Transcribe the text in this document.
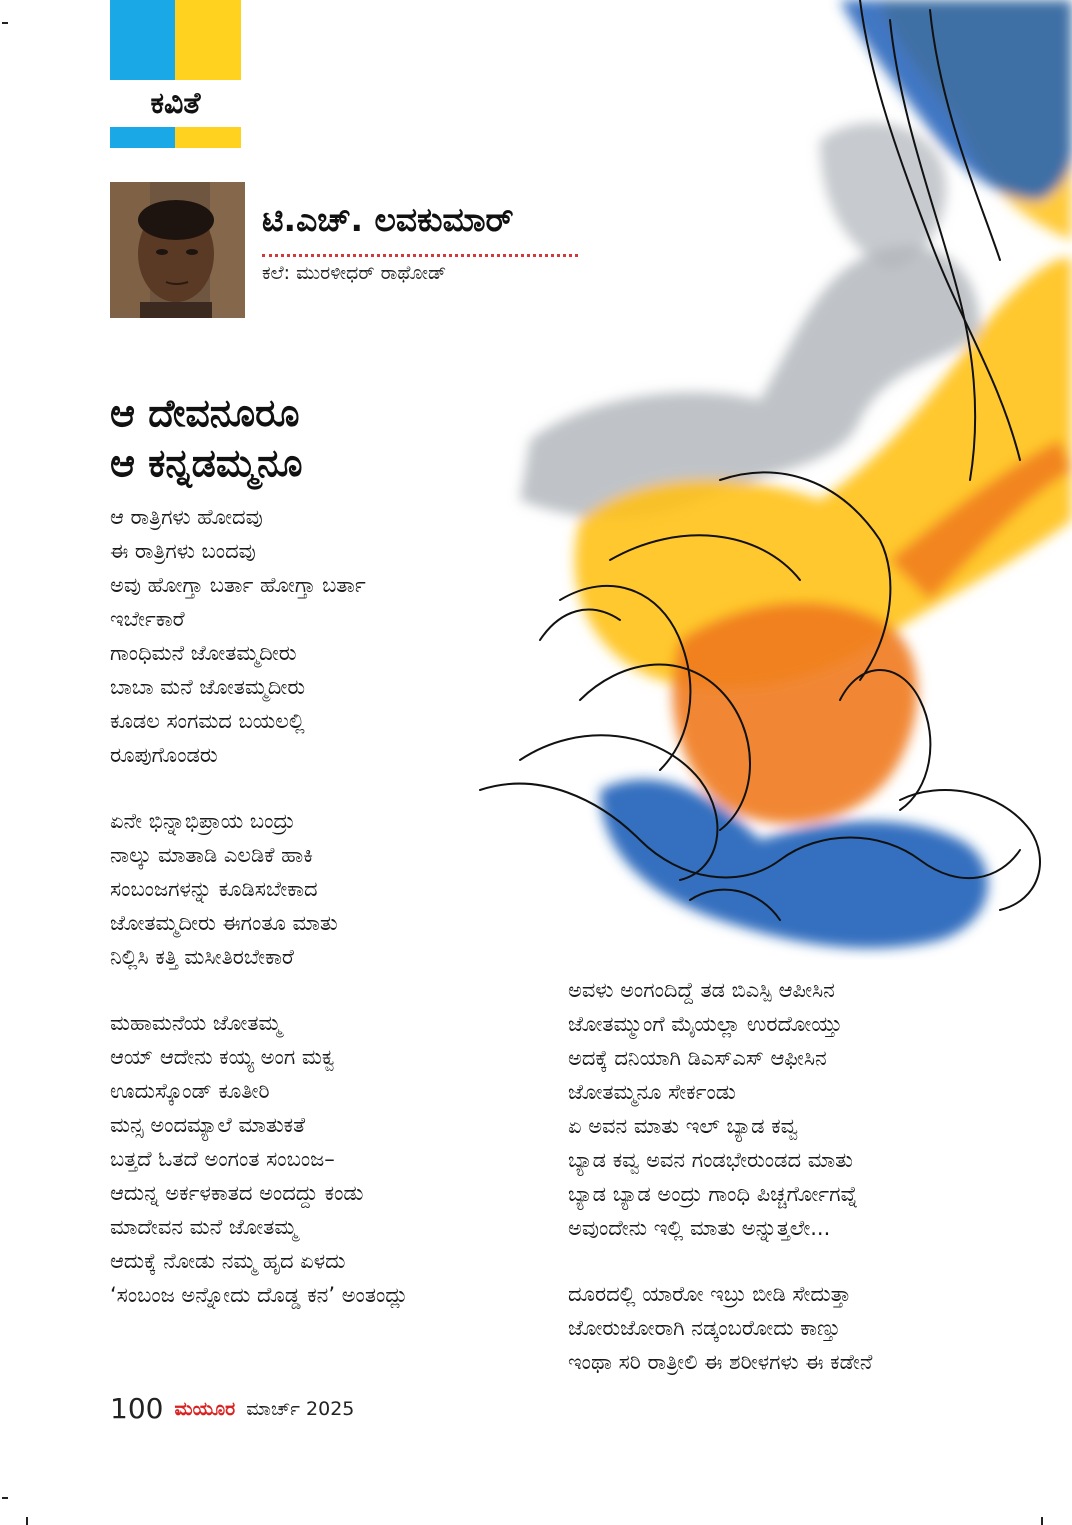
ಕವಿತೆ
ಟಿ.ಎಚ್. ಲವಕುಮಾರ್
ಕಲೆ: ಮುರಳೀಧರ್ ರಾಥೋಡ್
ಆ ದೇವನೂರೂ
ಆ ಕನ್ನಡಮ್ಮನೂ
ಆ ರಾತ್ರಿಗಳು ಹೋದವು
ಈ ರಾತ್ರಿಗಳು ಬಂದವು
ಅವು ಹೋಗ್ತಾ ಬರ್ತಾ ಹೋಗ್ತಾ ಬರ್ತಾ
ಇರ್ಬೇಕಾರೆ
ಗಾಂಧಿಮನೆ ಜೋತಮ್ಮದೀರು
ಬಾಬಾ ಮನೆ ಜೋತಮ್ಮದೀರು
ಕೂಡಲ ಸಂಗಮದ ಬಯಲಲ್ಲಿ
ರೂಪುಗೊಂಡರು
ಏನೇ ಭಿನ್ನಾಭಿಪ್ರಾಯ ಬಂದ್ರು
ನಾಲ್ಕು ಮಾತಾಡಿ ಎಲಡಿಕೆ ಹಾಕಿ
ಸಂಬಂಜಗಳನ್ನು ಕೂಡಿಸಬೇಕಾದ
ಜೋತಮ್ಮದೀರು ಈಗಂತೂ ಮಾತು
ನಿಲ್ಲಿಸಿ ಕತ್ತಿ ಮಸೀತಿರಬೇಕಾರೆ
ಮಹಾಮನೆಯ ಜೋತಮ್ಮ
ಆಯ್ ಆದೇನು ಕಯ್ಯ ಅಂಗ ಮಕ್ವ
ಊದುಸ್ಕೊಂಡ್ ಕೂತೀರಿ
ಮನ್ಸ ಅಂದಮ್ಯಾಲೆ ಮಾತುಕತೆ
ಬತ್ತದೆ ಓತದೆ ಅಂಗಂತ ಸಂಬಂಜ–
ಆದುನ್ನ ಅರ್ಕಳಕಾತದ ಅಂದದ್ದು ಕಂಡು
ಮಾದೇವನ ಮನೆ ಜೋತಮ್ಮ
ಆದುಕ್ಕೆ ನೋಡು ನಮ್ಮ ಹೃದ ಏಳದು
‘ಸಂಬಂಜ ಅನ್ನೋದು ದೊಡ್ಡ ಕನ’ ಅಂತಂದ್ಲು
ಅವಳು ಅಂಗಂದಿದ್ದೆ ತಡ ಬಿಎಸ್ಪಿ ಆಪೀಸಿನ
ಜೋತಮ್ಮುಂಗೆ ಮೈಯಲ್ಲಾ ಉರದೋಯ್ತು
ಅದಕ್ಕೆ ದನಿಯಾಗಿ ಡಿಎಸ್‌ಎಸ್ ಆಫೀಸಿನ
ಜೋತಮ್ಮನೂ ಸೇರ್ಕಂಡು
ಏ ಅವನ ಮಾತು ಇಲ್ ಬ್ಯಾಡ ಕವ್ವ
ಬ್ಯಾಡ ಕವ್ವ ಅವನ ಗಂಡಭೇರುಂಡದ ಮಾತು
ಬ್ಯಾಡ ಬ್ಯಾಡ ಅಂದ್ರು ಗಾಂಧಿ ಪಿಚ್ಚರ್ಗೋಗವ್ನೆ
ಅವುಂದೇನು ಇಲ್ಲಿ ಮಾತು ಅನ್ನುತ್ತಲೇ...
ದೂರದಲ್ಲಿ ಯಾರೋ ಇಬ್ರು ಬೀಡಿ ಸೇದುತ್ತಾ
ಜೋರುಜೋರಾಗಿ ನಡ್ಕಂಬರೋದು ಕಾಣ್ತು
ಇಂಥಾ ಸರಿ ರಾತ್ರೀಲಿ ಈ ಶರೀಳಗಳು ಈ ಕಡೇನೆ
100 ಮಯೂರ ಮಾರ್ಚ್ 2025
